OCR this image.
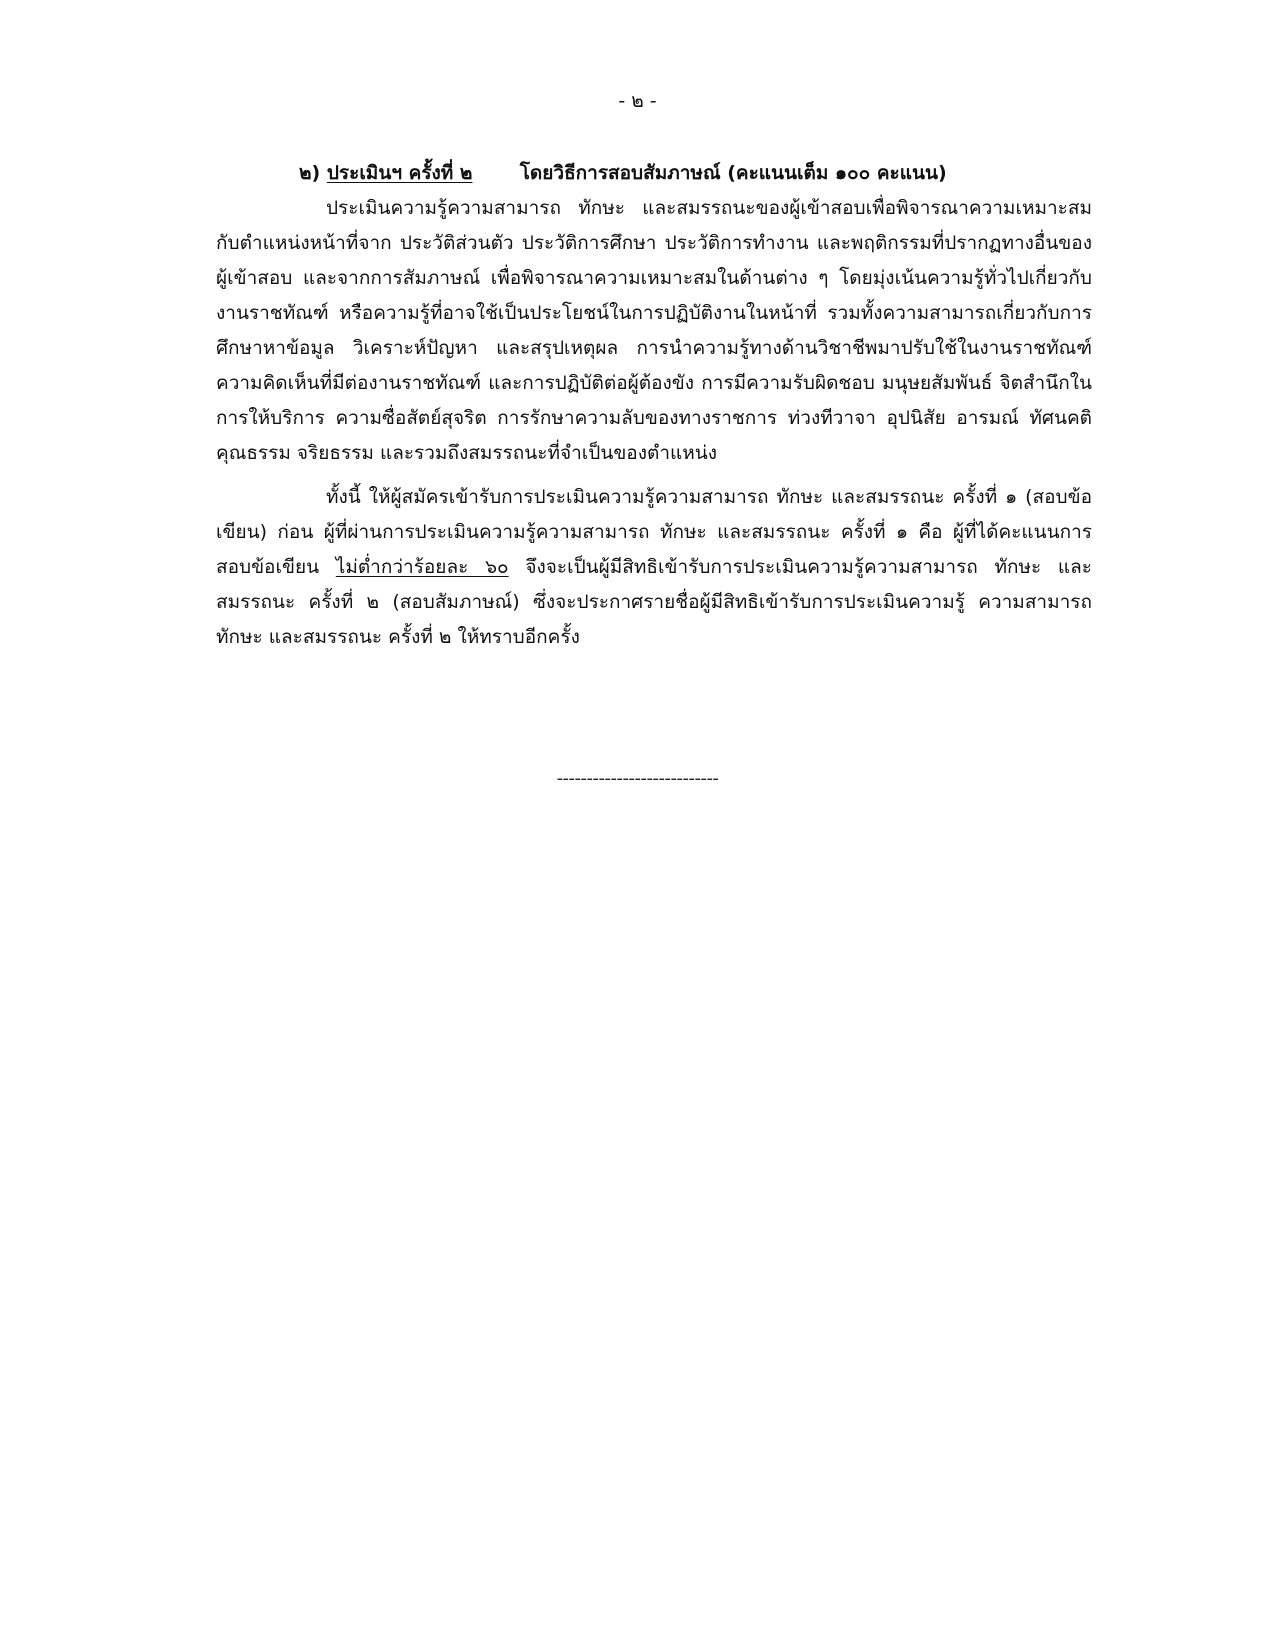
- ๒ -
๒) ประเมินฯ ครั้งที่ ๒ โดยวิธีการสอบสัมภาษณ์ (คะแนนเต็ม ๑๐๐ คะแนน)

ประเมินความรู้ความสามารถ ทักษะ และสมรรถนะของผู้เข้าสอบเพื่อพิจารณาความเหมาะสมกับตำแหน่งหน้าที่จาก ประวัติส่วนตัว ประวัติการศึกษา ประวัติการทำงาน และพฤติกรรมที่ปรากฏทางอื่นของผู้เข้าสอบ และจากการสัมภาษณ์ เพื่อพิจารณาความเหมาะสมในด้านต่าง ๆ โดยมุ่งเน้นความรู้ทั่วไปเกี่ยวกับงานราชทัณฑ์ หรือความรู้ที่อาจใช้เป็นประโยชน์ในการปฏิบัติงานในหน้าที่ รวมทั้งความสามารถเกี่ยวกับการศึกษาหาข้อมูล วิเคราะห์ปัญหา และสรุปเหตุผล การนำความรู้ทางด้านวิชาชีพมาปรับใช้ในงานราชทัณฑ์ ความคิดเห็นที่มีต่องานราชทัณฑ์ และการปฏิบัติต่อผู้ต้องขัง การมีความรับผิดชอบ มนุษยสัมพันธ์ จิตสำนึกในการให้บริการ ความซื่อสัตย์สุจริต การรักษาความลับของทางราชการ ท่วงทีวาจา อุปนิสัย อารมณ์ ทัศนคติ คุณธรรม จริยธรรม และรวมถึงสมรรถนะที่จำเป็นของตำแหน่ง

ทั้งนี้ ให้ผู้สมัครเข้ารับการประเมินความรู้ความสามารถ ทักษะ และสมรรถนะ ครั้งที่ ๑ (สอบข้อเขียน) ก่อน ผู้ที่ผ่านการประเมินความรู้ความสามารถ ทักษะ และสมรรถนะ ครั้งที่ ๑ คือ ผู้ที่ได้คะแนนการสอบข้อเขียน ไม่ต่ำกว่าร้อยละ ๖๐ จึงจะเป็นผู้มีสิทธิเข้ารับการประเมินความรู้ความสามารถ ทักษะ และสมรรถนะ ครั้งที่ ๒ (สอบสัมภาษณ์) ซึ่งจะประกาศรายชื่อผู้มีสิทธิเข้ารับการประเมินความรู้ ความสามารถ ทักษะ และสมรรถนะ ครั้งที่ ๒ ให้ทราบอีกครั้ง

---------------------------
